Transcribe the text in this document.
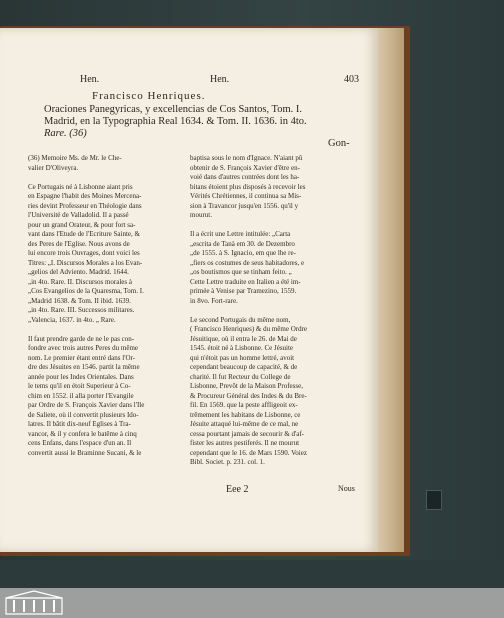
Hen.	Hen.	403
Francisco Henriques.
Oraciones Panegyricas, y excellencias de Cos Santos, Tom. I.
Madrid, en la Typographia Real 1634. & Tom. II. 1636. in 4to.
Rare. (36)
Gon-
(36) Memoire Ms. de Mr. le Che-
valier D'Oliveyra.

Ce Portugais né à Lisbonne aiant pris
en Espagne l'habit des Moines Mercena-
ries devint Professeur en Théologie dans
l'Université de Valladolid. Il a passé
pour un grand Orateur, & pour fort sa-
vant dans l'Etude de l'Ecriture Sainte, &
des Peres de l'Eglise. Nous avons de
lui encore trois Ouvrages, dont voici les
Titres: „I. Discursos Morales a los Evan-
„gelios del Adviento. Madrid. 1644.
„in 4to. Rare. II. Discursos morales à
„Cos Evangelios de la Quaresma, Tom. I.
„Madrid 1638. & Tom. II ibid. 1639.
„in 4to. Rare. III. Successos militares.
„Valencia, 1637. in 4to. „ Rare.

Il faut prendre garde de ne le pas con-
fondre avec trois autres Peres du même
nom. Le premier étant entré dans l'Or-
dre des Jésuites en 1546. partit la même
année pour les Indes Orientales. Dans
le tems qu'il en étoit Superieur à Co-
chim en 1552. il alla porter l'Evangile
par Ordre de S. François Xavier dans l'Ile
de Saliete, où il convertit plusieurs Ido-
latres. Il bâtit dix-neuf Eglises à Tra-
vancor, & il y confera le batême à cinq
cens Enfans, dans l'espace d'un an. Il
convertit aussi le Braminne Sucani, & le
baptisa sous le nom d'Ignace. N'aiant pû
obtenir de S. François Xavier d'être en-
voié dans d'autres contrées dont les ha-
bitans étoient plus disposés à recevoir les
Vérités Chrétiennes, il continua sa Mis-
sion à Travancor jusqu'en 1556. qu'il y
mourut.

Il a écrit une Lettre intitulée: „Carta
„escrita de Tanà em 30. de Dezembro
„de 1555. à S. Ignacio, em que lhe re-
„fiers os costumes de seus habitadores, e
„os boutismos que se tinham feito. „
Cette Lettre traduite en Italien a été im-
primée à Venise par Tramezino, 1559.
in 8vo. Fort-rare.

Le second Portugais du même nom,
( Francisco Henriques) & du même Ordre
Jésuitique, où il entra le 26. de Mai de
1545. étoit né à Lisbonne. Ce Jésuite
qui n'étoit pas un homme lettré, avoit
cependant beaucoup de capacité, & de
charité. Il fut Recteur du College de
Lisbonne, Prevôt de la Maison Professe,
& Procureur Général des Indes & du Bre-
fil. En 1569. que la peste affligeoit ex-
trêmement les habitans de Lisbonne, ce
Jésuite attaqué lui-même de ce mal, ne
cessa pourtant jamais de secourir & d'af-
fister les autres pestiferés. Il ne mourut
cependant que le 16. de Mars 1590. Voiez
Bibl. Societ. p. 231. col. 1.
Eee 2	Nous
